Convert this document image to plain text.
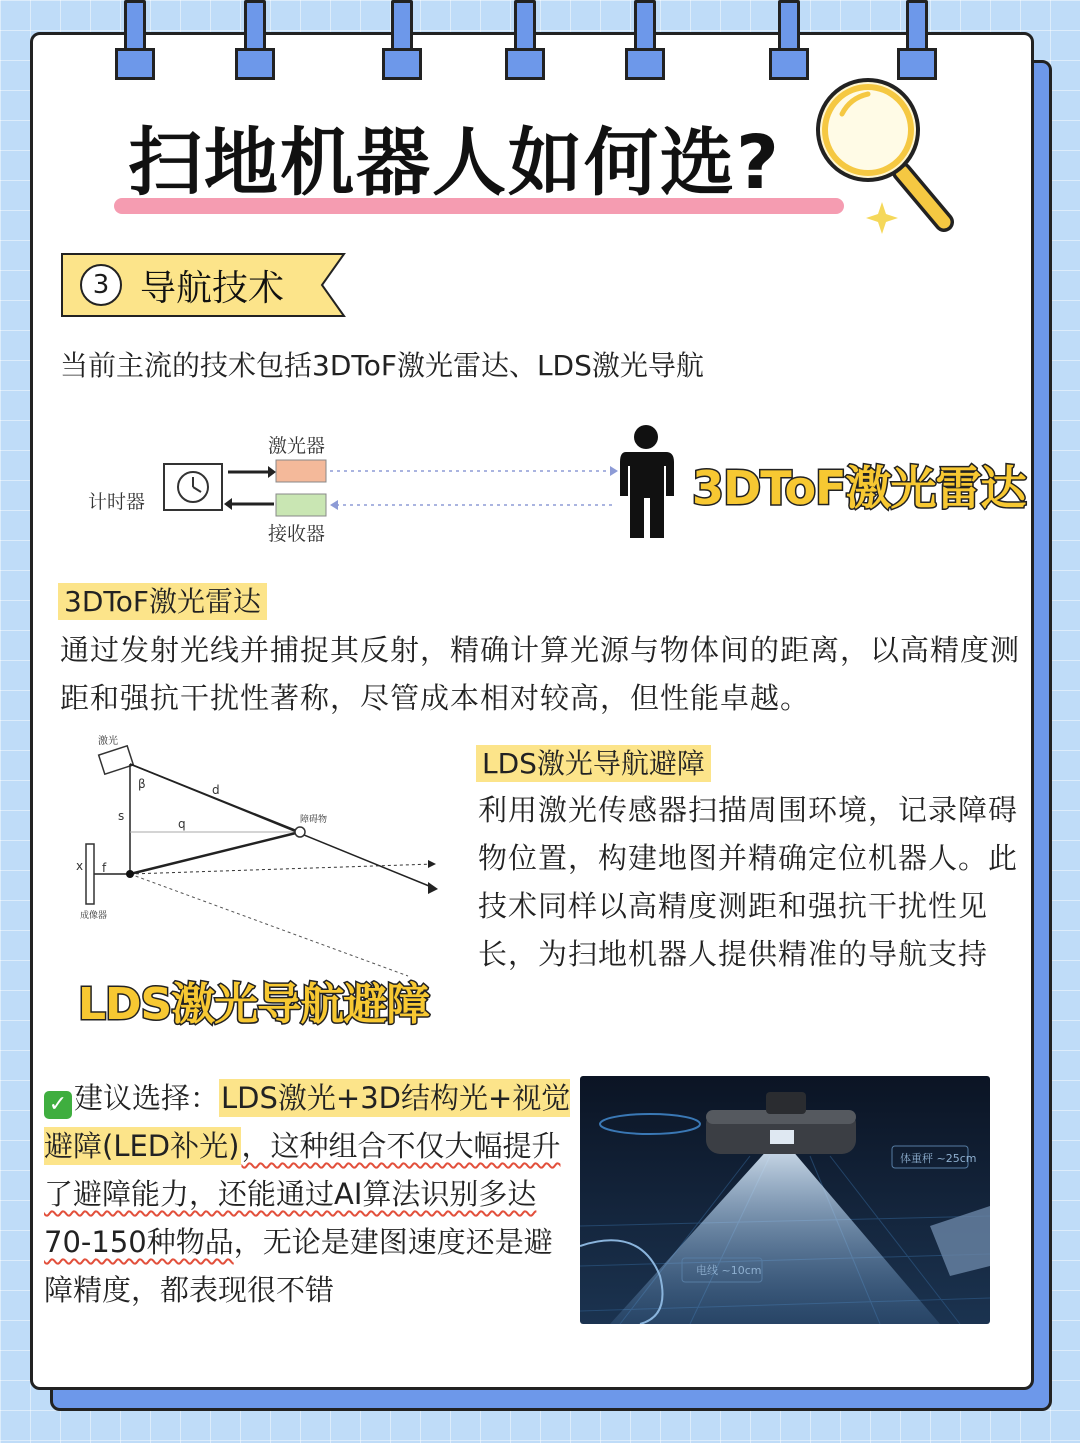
扫地机器人如何选?
3 导航技术
当前主流的技术包括3DToF激光雷达、LDS激光导航
计时器
激光器
接收器
3DToF激光雷达
3DToF激光雷达
通过发射光线并捕捉其反射，精确计算光源与物体间的距离，以高精度测距和强抗干扰性著称，尽管成本相对较高，但性能卓越。
激光
β	d
s
q
x f
障碍物
成像器
LDS激光导航避障
LDS激光导航避障
利用激光传感器扫描周围环境，记录障碍物位置，构建地图并精确定位机器人。此技术同样以高精度测距和强抗干扰性见长，为扫地机器人提供精准的导航支持
✓ 建议选择：LDS激光+3D结构光+视觉避障(LED补光)，这种组合不仅大幅提升了避障能力，还能通过AI算法识别多达70-150种物品，无论是建图速度还是避障精度，都表现很不错
体重秤 ~25cm
电线 ~10cm
